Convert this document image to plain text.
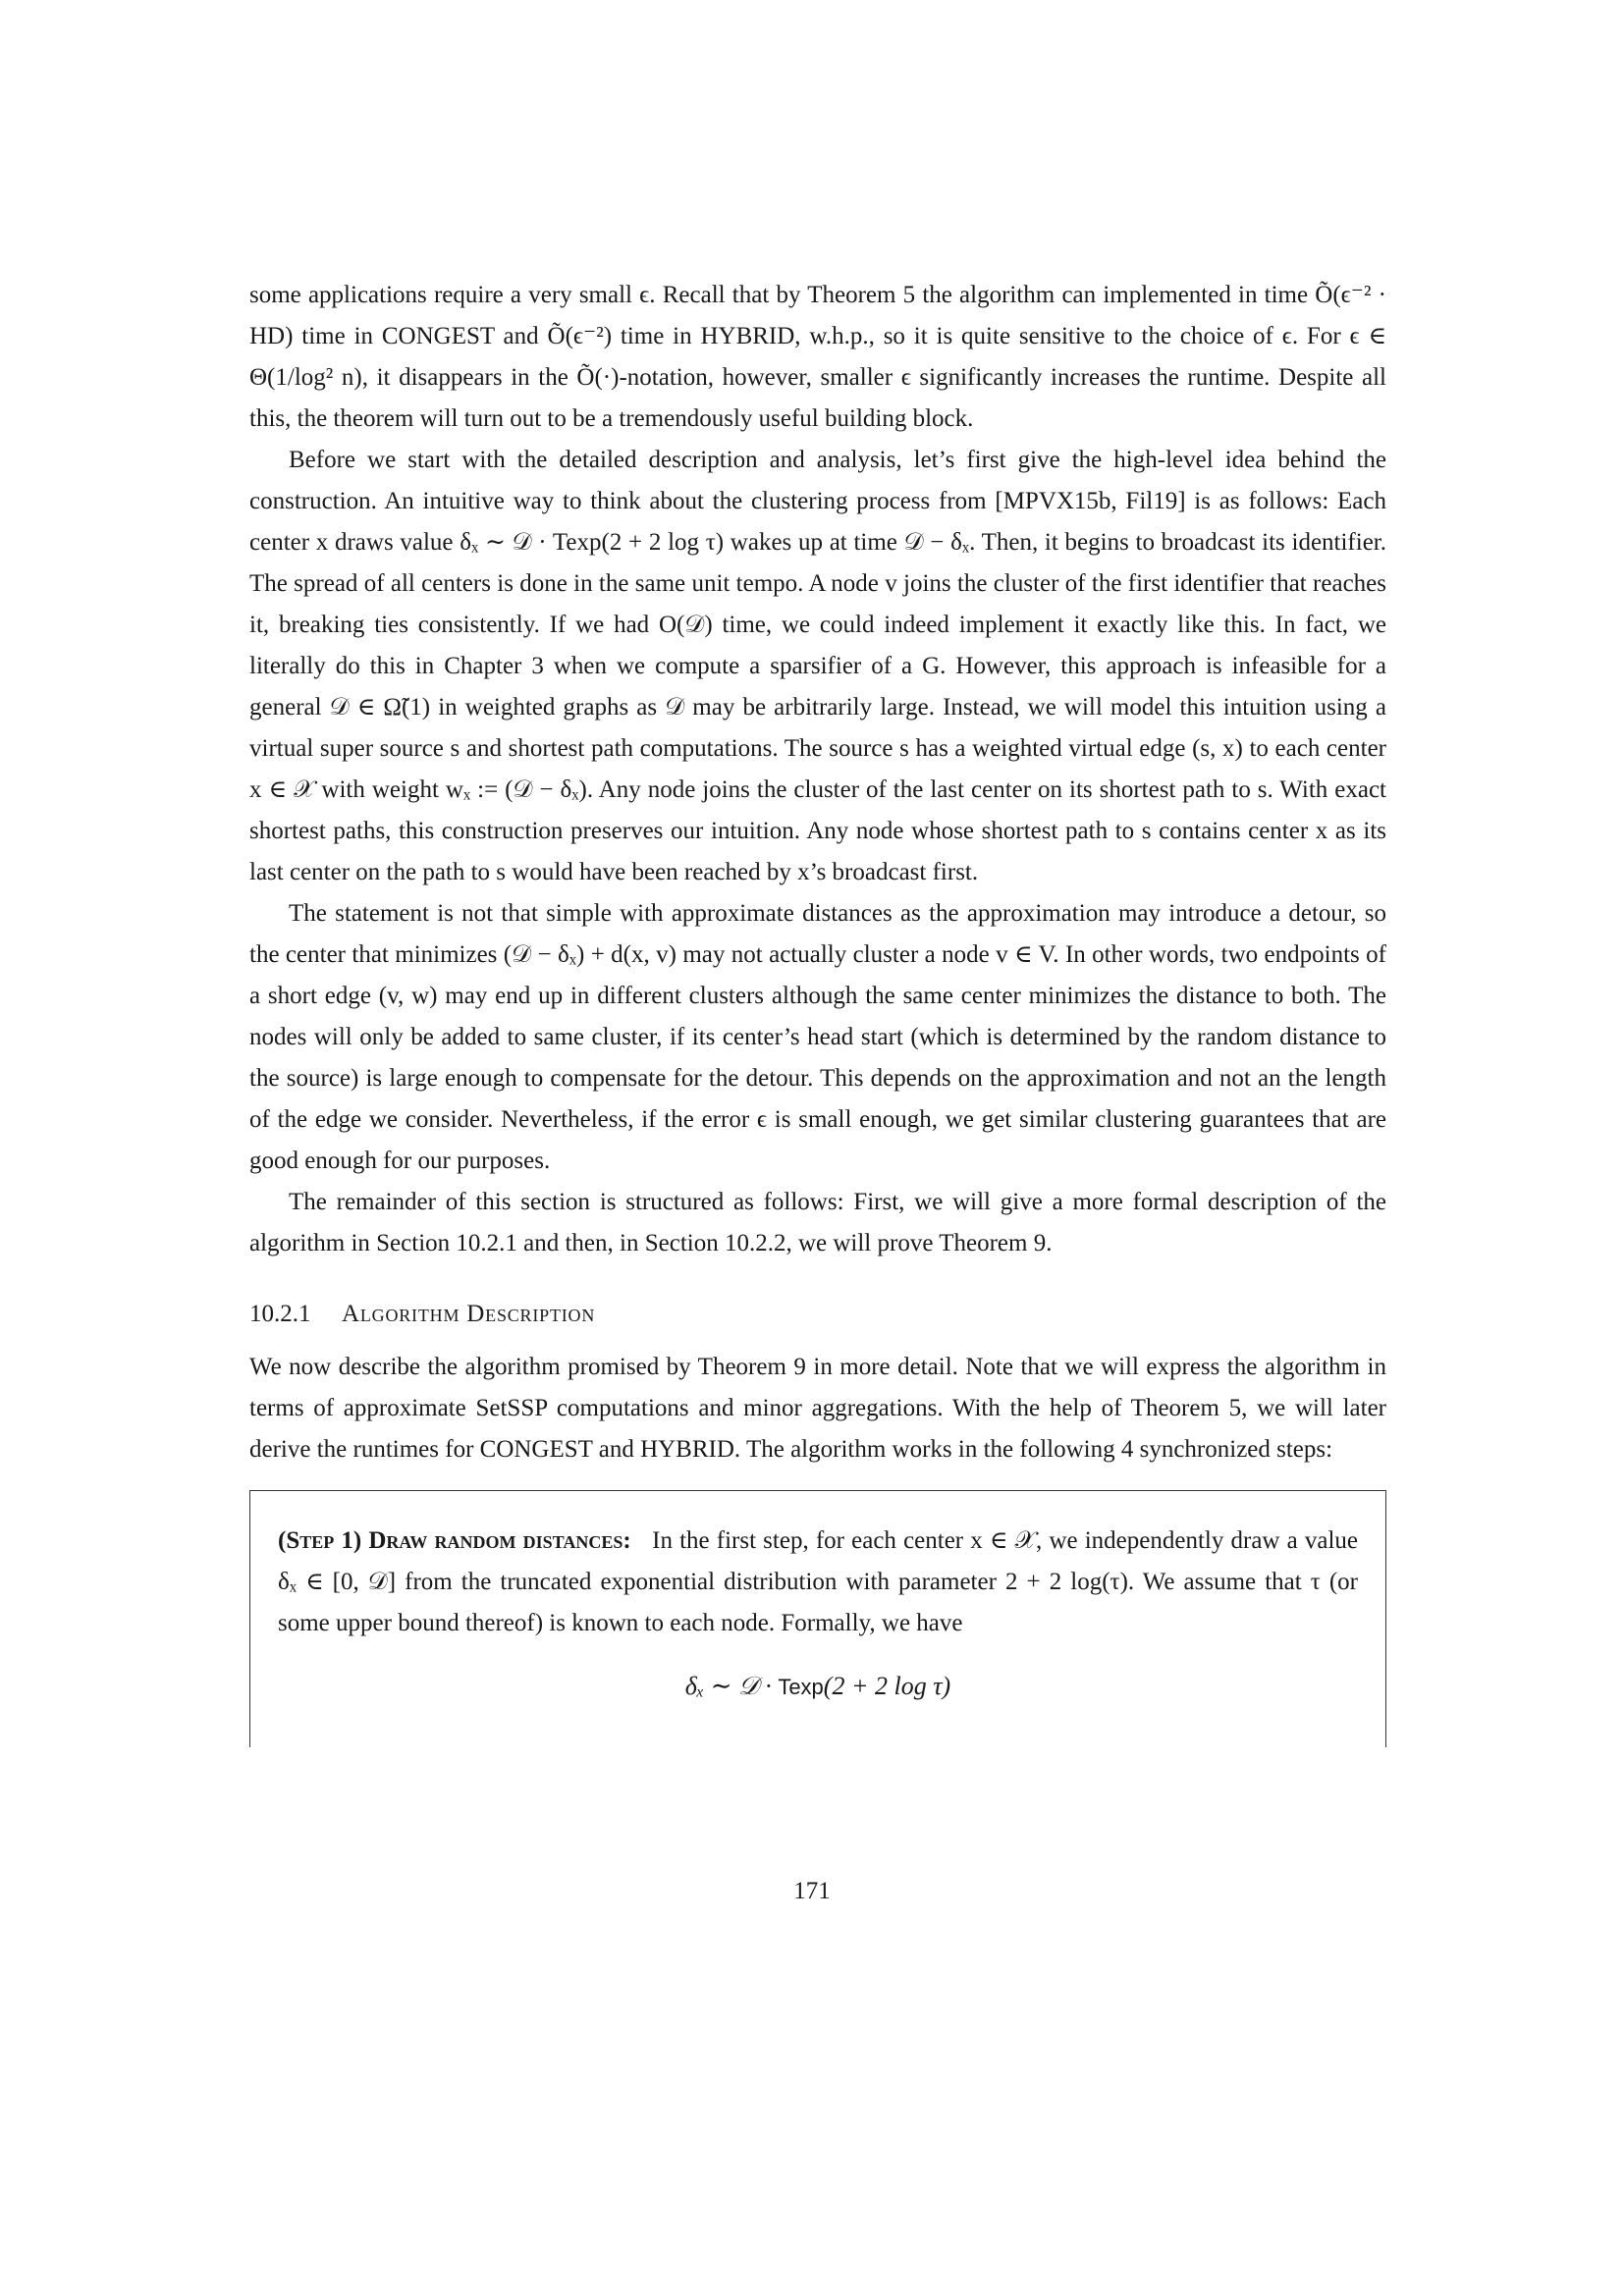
some applications require a very small ϵ. Recall that by Theorem 5 the algorithm can implemented in time Õ(ϵ⁻² · HD) time in CONGEST and Õ(ϵ⁻²) time in HYBRID, w.h.p., so it is quite sensitive to the choice of ϵ. For ϵ ∈ Θ(1/log² n), it disappears in the Õ(·)-notation, however, smaller ϵ significantly increases the runtime. Despite all this, the theorem will turn out to be a tremendously useful building block.

Before we start with the detailed description and analysis, let’s first give the high-level idea behind the construction. An intuitive way to think about the clustering process from [MPVX15b, Fil19] is as follows: Each center x draws value δₓ ∼ 𝒟 · Texp(2 + 2 log τ) wakes up at time 𝒟 − δₓ. Then, it begins to broadcast its identifier. The spread of all centers is done in the same unit tempo. A node v joins the cluster of the first identifier that reaches it, breaking ties consistently. If we had O(𝒟) time, we could indeed implement it exactly like this. In fact, we literally do this in Chapter 3 when we compute a sparsifier of a G. However, this approach is infeasible for a general 𝒟 ∈ Ω̃(1) in weighted graphs as 𝒟 may be arbitrarily large. Instead, we will model this intuition using a virtual super source s and shortest path computations. The source s has a weighted virtual edge (s, x) to each center x ∈ 𝒳 with weight wₓ := (𝒟 − δₓ). Any node joins the cluster of the last center on its shortest path to s. With exact shortest paths, this construction preserves our intuition. Any node whose shortest path to s contains center x as its last center on the path to s would have been reached by x’s broadcast first.

The statement is not that simple with approximate distances as the approximation may introduce a detour, so the center that minimizes (𝒟 − δₓ) + d(x, v) may not actually cluster a node v ∈ V. In other words, two endpoints of a short edge (v, w) may end up in different clusters although the same center minimizes the distance to both. The nodes will only be added to same cluster, if its center’s head start (which is determined by the random distance to the source) is large enough to compensate for the detour. This depends on the approximation and not an the length of the edge we consider. Nevertheless, if the error ϵ is small enough, we get similar clustering guarantees that are good enough for our purposes.

The remainder of this section is structured as follows: First, we will give a more formal description of the algorithm in Section 10.2.1 and then, in Section 10.2.2, we will prove Theorem 9.

10.2.1 Algorithm Description

We now describe the algorithm promised by Theorem 9 in more detail. Note that we will express the algorithm in terms of approximate SetSSP computations and minor aggregations. With the help of Theorem 5, we will later derive the runtimes for CONGEST and HYBRID. The algorithm works in the following 4 synchronized steps:

(Step 1) Draw random distances: In the first step, for each center x ∈ 𝒳, we independently draw a value δₓ ∈ [0, 𝒟] from the truncated exponential distribution with parameter 2 + 2 log(τ). We assume that τ (or some upper bound thereof) is known to each node. Formally, we have

δₓ ∼ 𝒟 · Texp(2 + 2 log τ)
171
